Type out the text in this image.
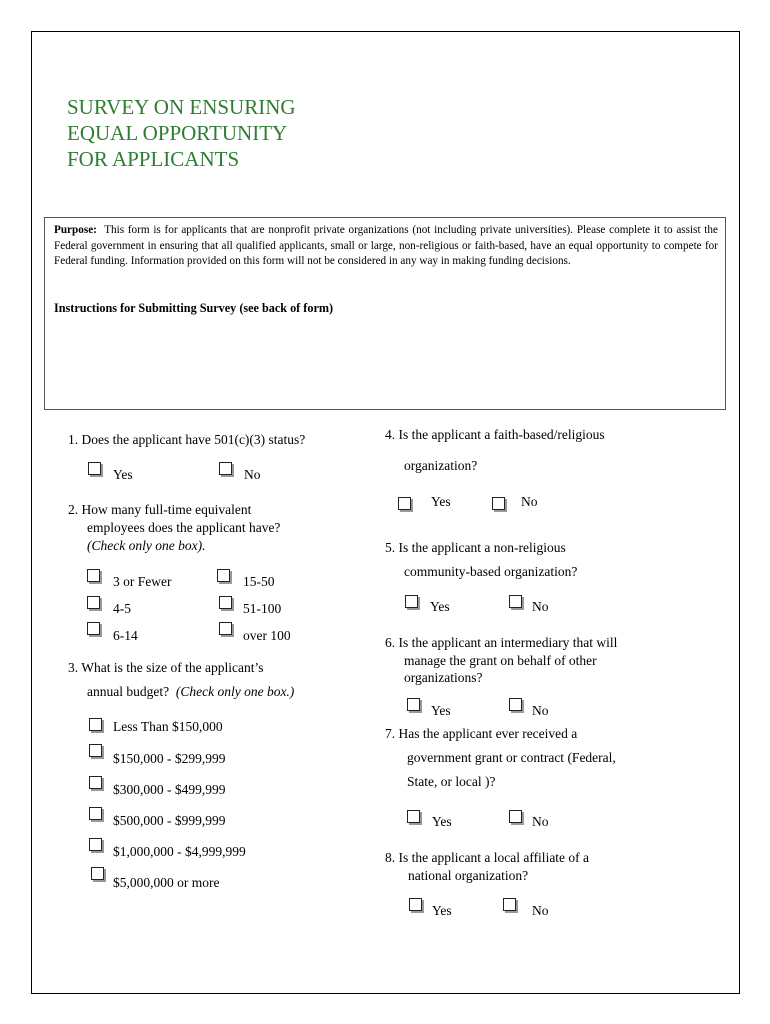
SURVEY ON ENSURING
EQUAL OPPORTUNITY
FOR APPLICANTS

Purpose: This form is for applicants that are nonprofit private organizations (not including private universities). Please complete it to assist the Federal government in ensuring that all qualified applicants, small or large, non-religious or faith-based, have an equal opportunity to compete for Federal funding. Information provided on this form will not be considered in any way in making funding decisions.

Instructions for Submitting Survey (see back of form)

1. Does the applicant have 501(c)(3) status?
Yes	No
2. How many full-time equivalent
employees does the applicant have?
(Check only one box).
3 or Fewer	15-50
4-5	51-100
6-14	over 100
3. What is the size of the applicant’s
annual budget? (Check only one box.)
Less Than $150,000
$150,000 - $299,999
$300,000 - $499,999
$500,000 - $999,999
$1,000,000 - $4,999,999
$5,000,000 or more
4. Is the applicant a faith-based/religious
organization?
Yes	No
5. Is the applicant a non-religious
community-based organization?
Yes	No
6. Is the applicant an intermediary that will
manage the grant on behalf of other
organizations?
Yes	No
7. Has the applicant ever received a
government grant or contract (Federal,
State, or local )?
Yes	No
8. Is the applicant a local affiliate of a
national organization?
Yes	No
